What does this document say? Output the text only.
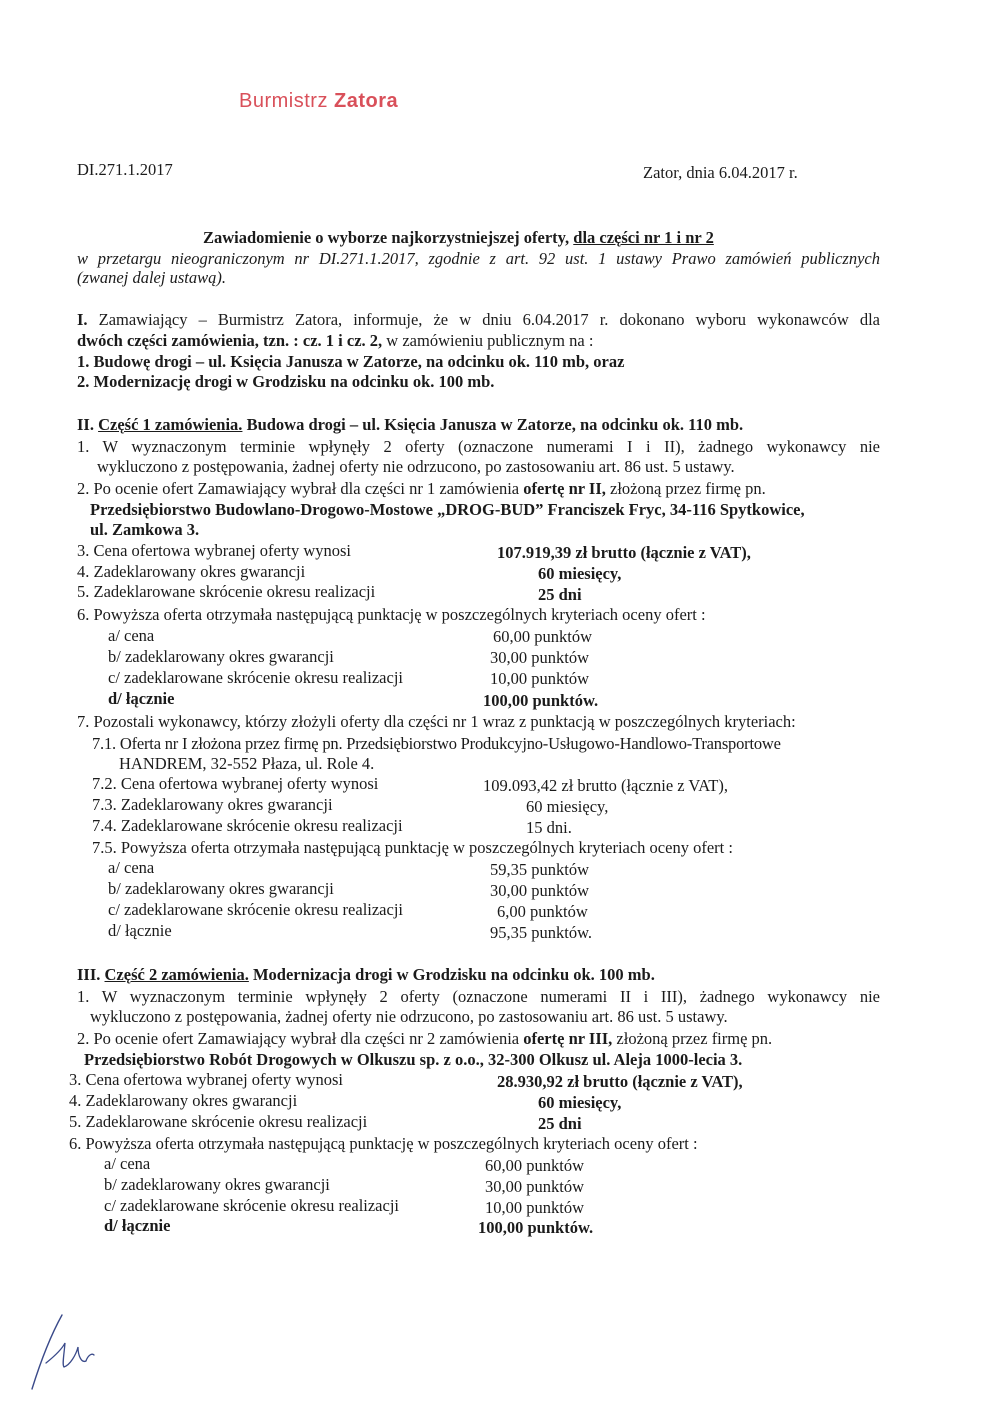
Burmistrz Zatora
DI.271.1.2017	Zator, dnia 6.04.2017 r.
Zawiadomienie o wyborze najkorzystniejszej oferty, dla części nr 1 i nr 2
w przetargu nieograniczonym nr DI.271.1.2017, zgodnie z art. 92 ust. 1 ustawy Prawo zamówień publicznych
(zwanej dalej ustawą).
I. Zamawiający – Burmistrz Zatora, informuje, że w dniu 6.04.2017 r. dokonano wyboru wykonawców dla
dwóch części zamówienia, tzn. : cz. 1 i cz. 2, w zamówieniu publicznym na :
1. Budowę drogi – ul. Księcia Janusza w Zatorze, na odcinku ok. 110 mb, oraz
2. Modernizację drogi w Grodzisku na odcinku ok. 100 mb.
II. Część 1 zamówienia. Budowa drogi – ul. Księcia Janusza w Zatorze, na odcinku ok. 110 mb.
1. W wyznaczonym terminie wpłynęły 2 oferty (oznaczone numerami I i II), żadnego wykonawcy nie
wykluczono z postępowania, żadnej oferty nie odrzucono, po zastosowaniu art. 86 ust. 5 ustawy.
2. Po ocenie ofert Zamawiający wybrał dla części nr 1 zamówienia ofertę nr II, złożoną przez firmę pn.
Przedsiębiorstwo Budowlano-Drogowo-Mostowe „DROG-BUD” Franciszek Fryc, 34-116 Spytkowice,
ul. Zamkowa 3.
3. Cena ofertowa wybranej oferty wynosi	107.919,39 zł brutto (łącznie z VAT),
4. Zadeklarowany okres gwarancji	60 miesięcy,
5. Zadeklarowane skrócenie okresu realizacji	25 dni
6. Powyższa oferta otrzymała następującą punktację w poszczególnych kryteriach oceny ofert :
a/ cena	60,00 punktów
b/ zadeklarowany okres gwarancji	30,00 punktów
c/ zadeklarowane skrócenie okresu realizacji	10,00 punktów
d/ łącznie	100,00 punktów.
7. Pozostali wykonawcy, którzy złożyli oferty dla części nr 1 wraz z punktacją w poszczególnych kryteriach:
7.1. Oferta nr I złożona przez firmę pn. Przedsiębiorstwo Produkcyjno-Usługowo-Handlowo-Transportowe
HANDREM, 32-552 Płaza, ul. Role 4.
7.2. Cena ofertowa wybranej oferty wynosi	109.093,42 zł brutto (łącznie z VAT),
7.3. Zadeklarowany okres gwarancji	60 miesięcy,
7.4. Zadeklarowane skrócenie okresu realizacji	15 dni.
7.5. Powyższa oferta otrzymała następującą punktację w poszczególnych kryteriach oceny ofert :
a/ cena	59,35 punktów
b/ zadeklarowany okres gwarancji	30,00 punktów
c/ zadeklarowane skrócenie okresu realizacji	6,00 punktów
d/ łącznie	95,35 punktów.
III. Część 2 zamówienia. Modernizacja drogi w Grodzisku na odcinku ok. 100 mb.
1. W wyznaczonym terminie wpłynęły 2 oferty (oznaczone numerami II i III), żadnego wykonawcy nie
wykluczono z postępowania, żadnej oferty nie odrzucono, po zastosowaniu art. 86 ust. 5 ustawy.
2. Po ocenie ofert Zamawiający wybrał dla części nr 2 zamówienia ofertę nr III, złożoną przez firmę pn.
Przedsiębiorstwo Robót Drogowych w Olkuszu sp. z o.o., 32-300 Olkusz ul. Aleja 1000-lecia 3.
3. Cena ofertowa wybranej oferty wynosi	28.930,92 zł brutto (łącznie z VAT),
4. Zadeklarowany okres gwarancji	60 miesięcy,
5. Zadeklarowane skrócenie okresu realizacji	25 dni
6. Powyższa oferta otrzymała następującą punktację w poszczególnych kryteriach oceny ofert :
a/ cena	60,00 punktów
b/ zadeklarowany okres gwarancji	30,00 punktów
c/ zadeklarowane skrócenie okresu realizacji	10,00 punktów
d/ łącznie	100,00 punktów.
